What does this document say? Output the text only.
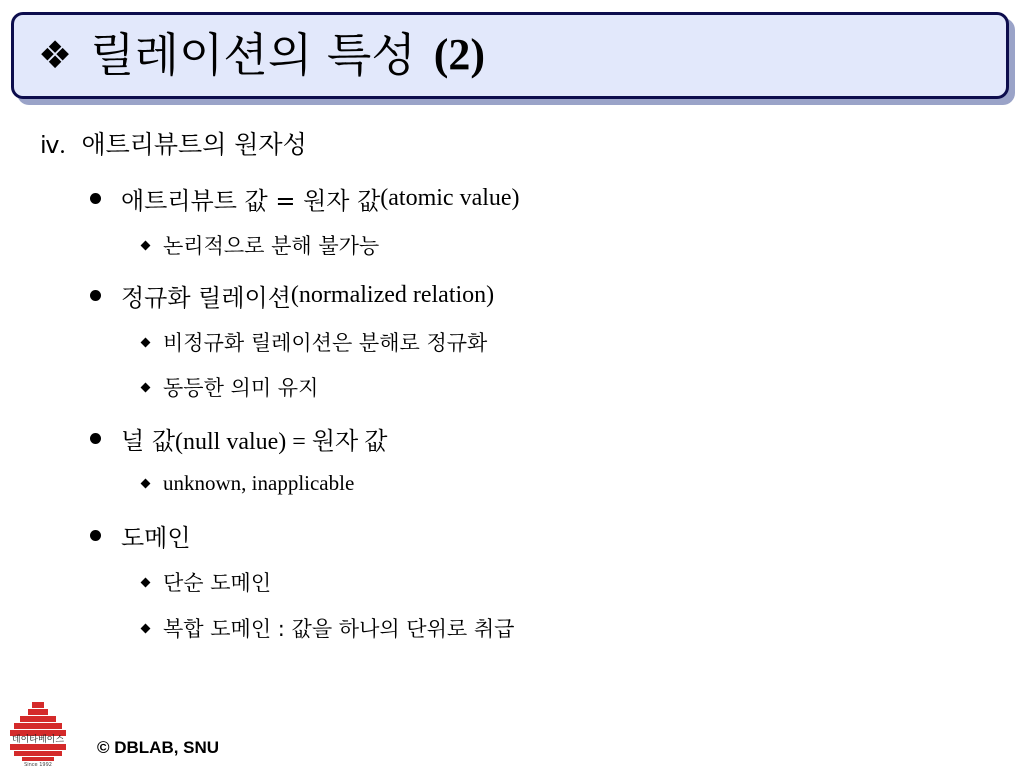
❖ 릴레이션의 특성 (2)
ⅳ. 애트리뷰트의 원자성
애트리뷰트 값 = 원자 값 (atomic value)
논리적으로 분해 불가능
정규화 릴레이션 (normalized relation)
비정규화 릴레이션은 분해로 정규화
동등한 의미 유지
널 값 (null value) = 원자 값
unknown, inapplicable
도메인
단순 도메인
복합 도메인 : 값을 하나의 단위로 취급
데이타베이스
Since 1992
© DBLAB, SNU
